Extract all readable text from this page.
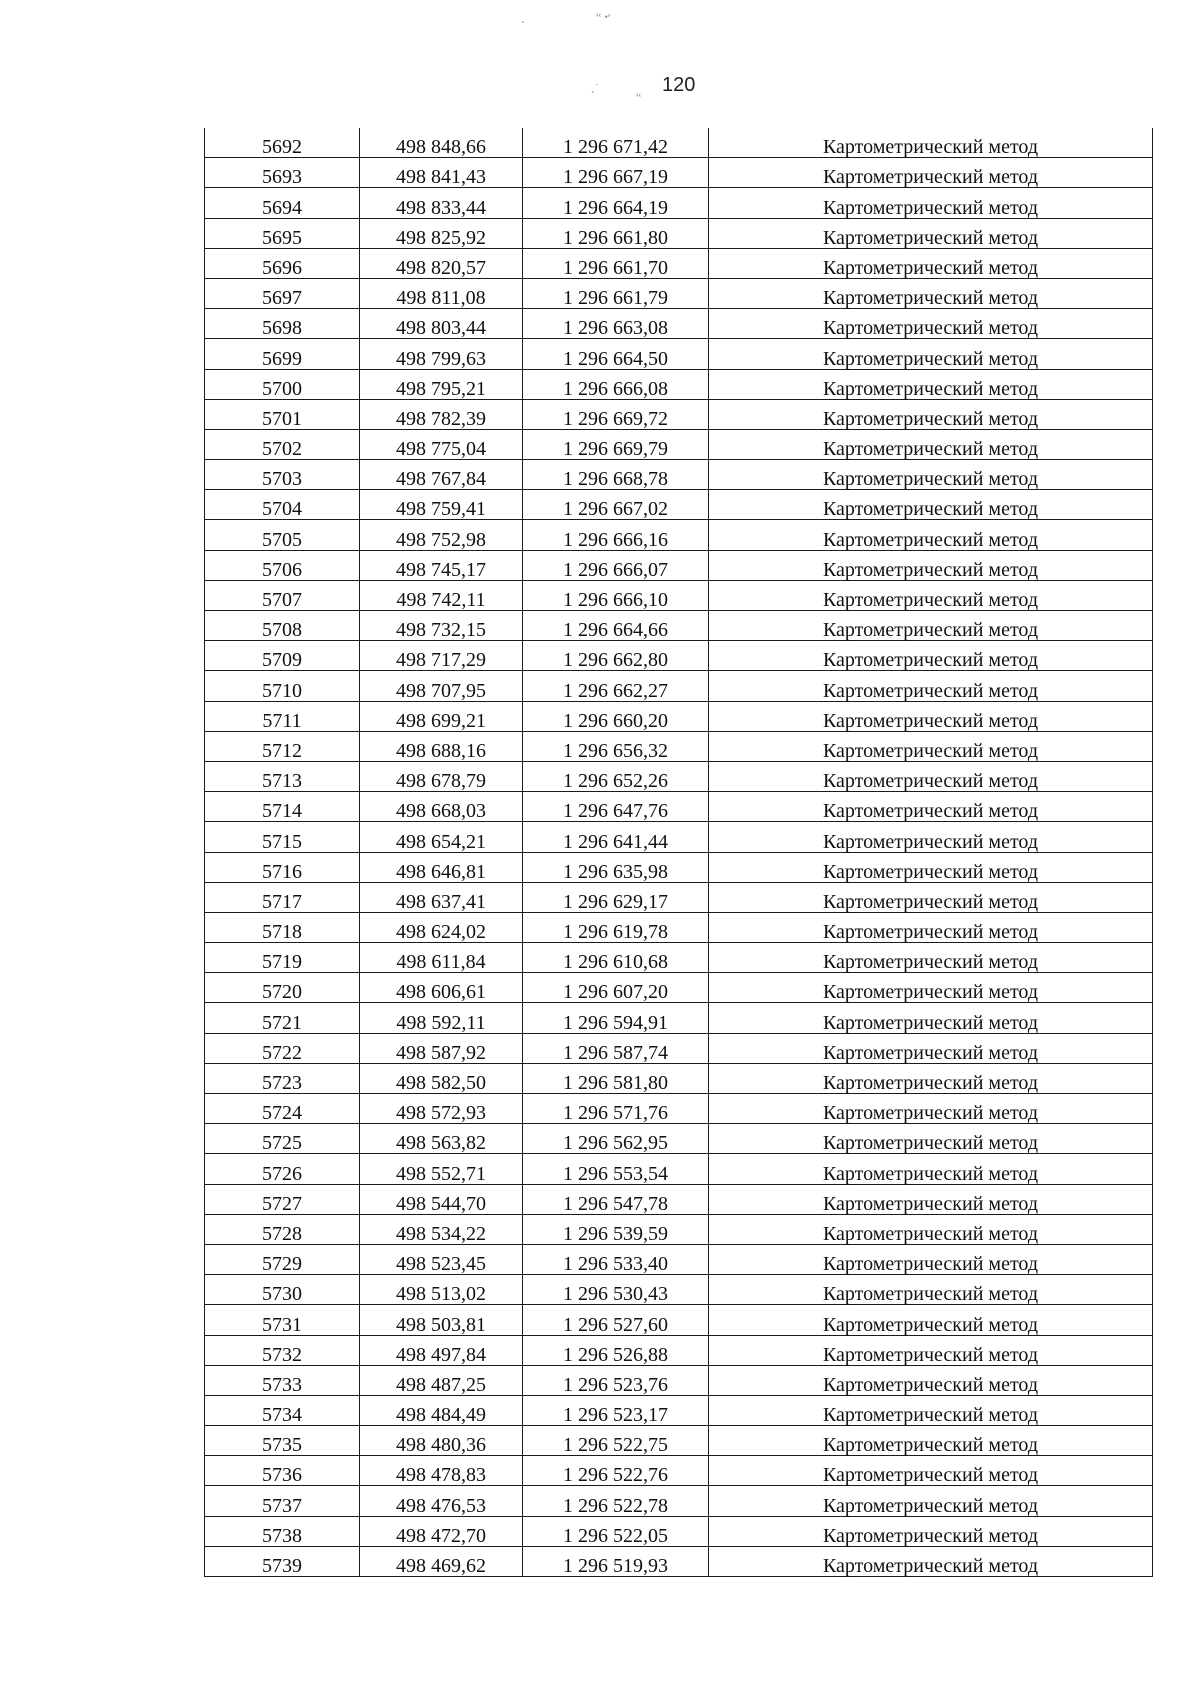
ˎ	˒˓ ˖˒
ˏ˙
˒˓
120
5692	498 848,66	1 296 671,42	Картометрический метод
5693	498 841,43	1 296 667,19	Картометрический метод
5694	498 833,44	1 296 664,19	Картометрический метод
5695	498 825,92	1 296 661,80	Картометрический метод
5696	498 820,57	1 296 661,70	Картометрический метод
5697	498 811,08	1 296 661,79	Картометрический метод
5698	498 803,44	1 296 663,08	Картометрический метод
5699	498 799,63	1 296 664,50	Картометрический метод
5700	498 795,21	1 296 666,08	Картометрический метод
5701	498 782,39	1 296 669,72	Картометрический метод
5702	498 775,04	1 296 669,79	Картометрический метод
5703	498 767,84	1 296 668,78	Картометрический метод
5704	498 759,41	1 296 667,02	Картометрический метод
5705	498 752,98	1 296 666,16	Картометрический метод
5706	498 745,17	1 296 666,07	Картометрический метод
5707	498 742,11	1 296 666,10	Картометрический метод
5708	498 732,15	1 296 664,66	Картометрический метод
5709	498 717,29	1 296 662,80	Картометрический метод
5710	498 707,95	1 296 662,27	Картометрический метод
5711	498 699,21	1 296 660,20	Картометрический метод
5712	498 688,16	1 296 656,32	Картометрический метод
5713	498 678,79	1 296 652,26	Картометрический метод
5714	498 668,03	1 296 647,76	Картометрический метод
5715	498 654,21	1 296 641,44	Картометрический метод
5716	498 646,81	1 296 635,98	Картометрический метод
5717	498 637,41	1 296 629,17	Картометрический метод
5718	498 624,02	1 296 619,78	Картометрический метод
5719	498 611,84	1 296 610,68	Картометрический метод
5720	498 606,61	1 296 607,20	Картометрический метод
5721	498 592,11	1 296 594,91	Картометрический метод
5722	498 587,92	1 296 587,74	Картометрический метод
5723	498 582,50	1 296 581,80	Картометрический метод
5724	498 572,93	1 296 571,76	Картометрический метод
5725	498 563,82	1 296 562,95	Картометрический метод
5726	498 552,71	1 296 553,54	Картометрический метод
5727	498 544,70	1 296 547,78	Картометрический метод
5728	498 534,22	1 296 539,59	Картометрический метод
5729	498 523,45	1 296 533,40	Картометрический метод
5730	498 513,02	1 296 530,43	Картометрический метод
5731	498 503,81	1 296 527,60	Картометрический метод
5732	498 497,84	1 296 526,88	Картометрический метод
5733	498 487,25	1 296 523,76	Картометрический метод
5734	498 484,49	1 296 523,17	Картометрический метод
5735	498 480,36	1 296 522,75	Картометрический метод
5736	498 478,83	1 296 522,76	Картометрический метод
5737	498 476,53	1 296 522,78	Картометрический метод
5738	498 472,70	1 296 522,05	Картометрический метод
5739	498 469,62	1 296 519,93	Картометрический метод
